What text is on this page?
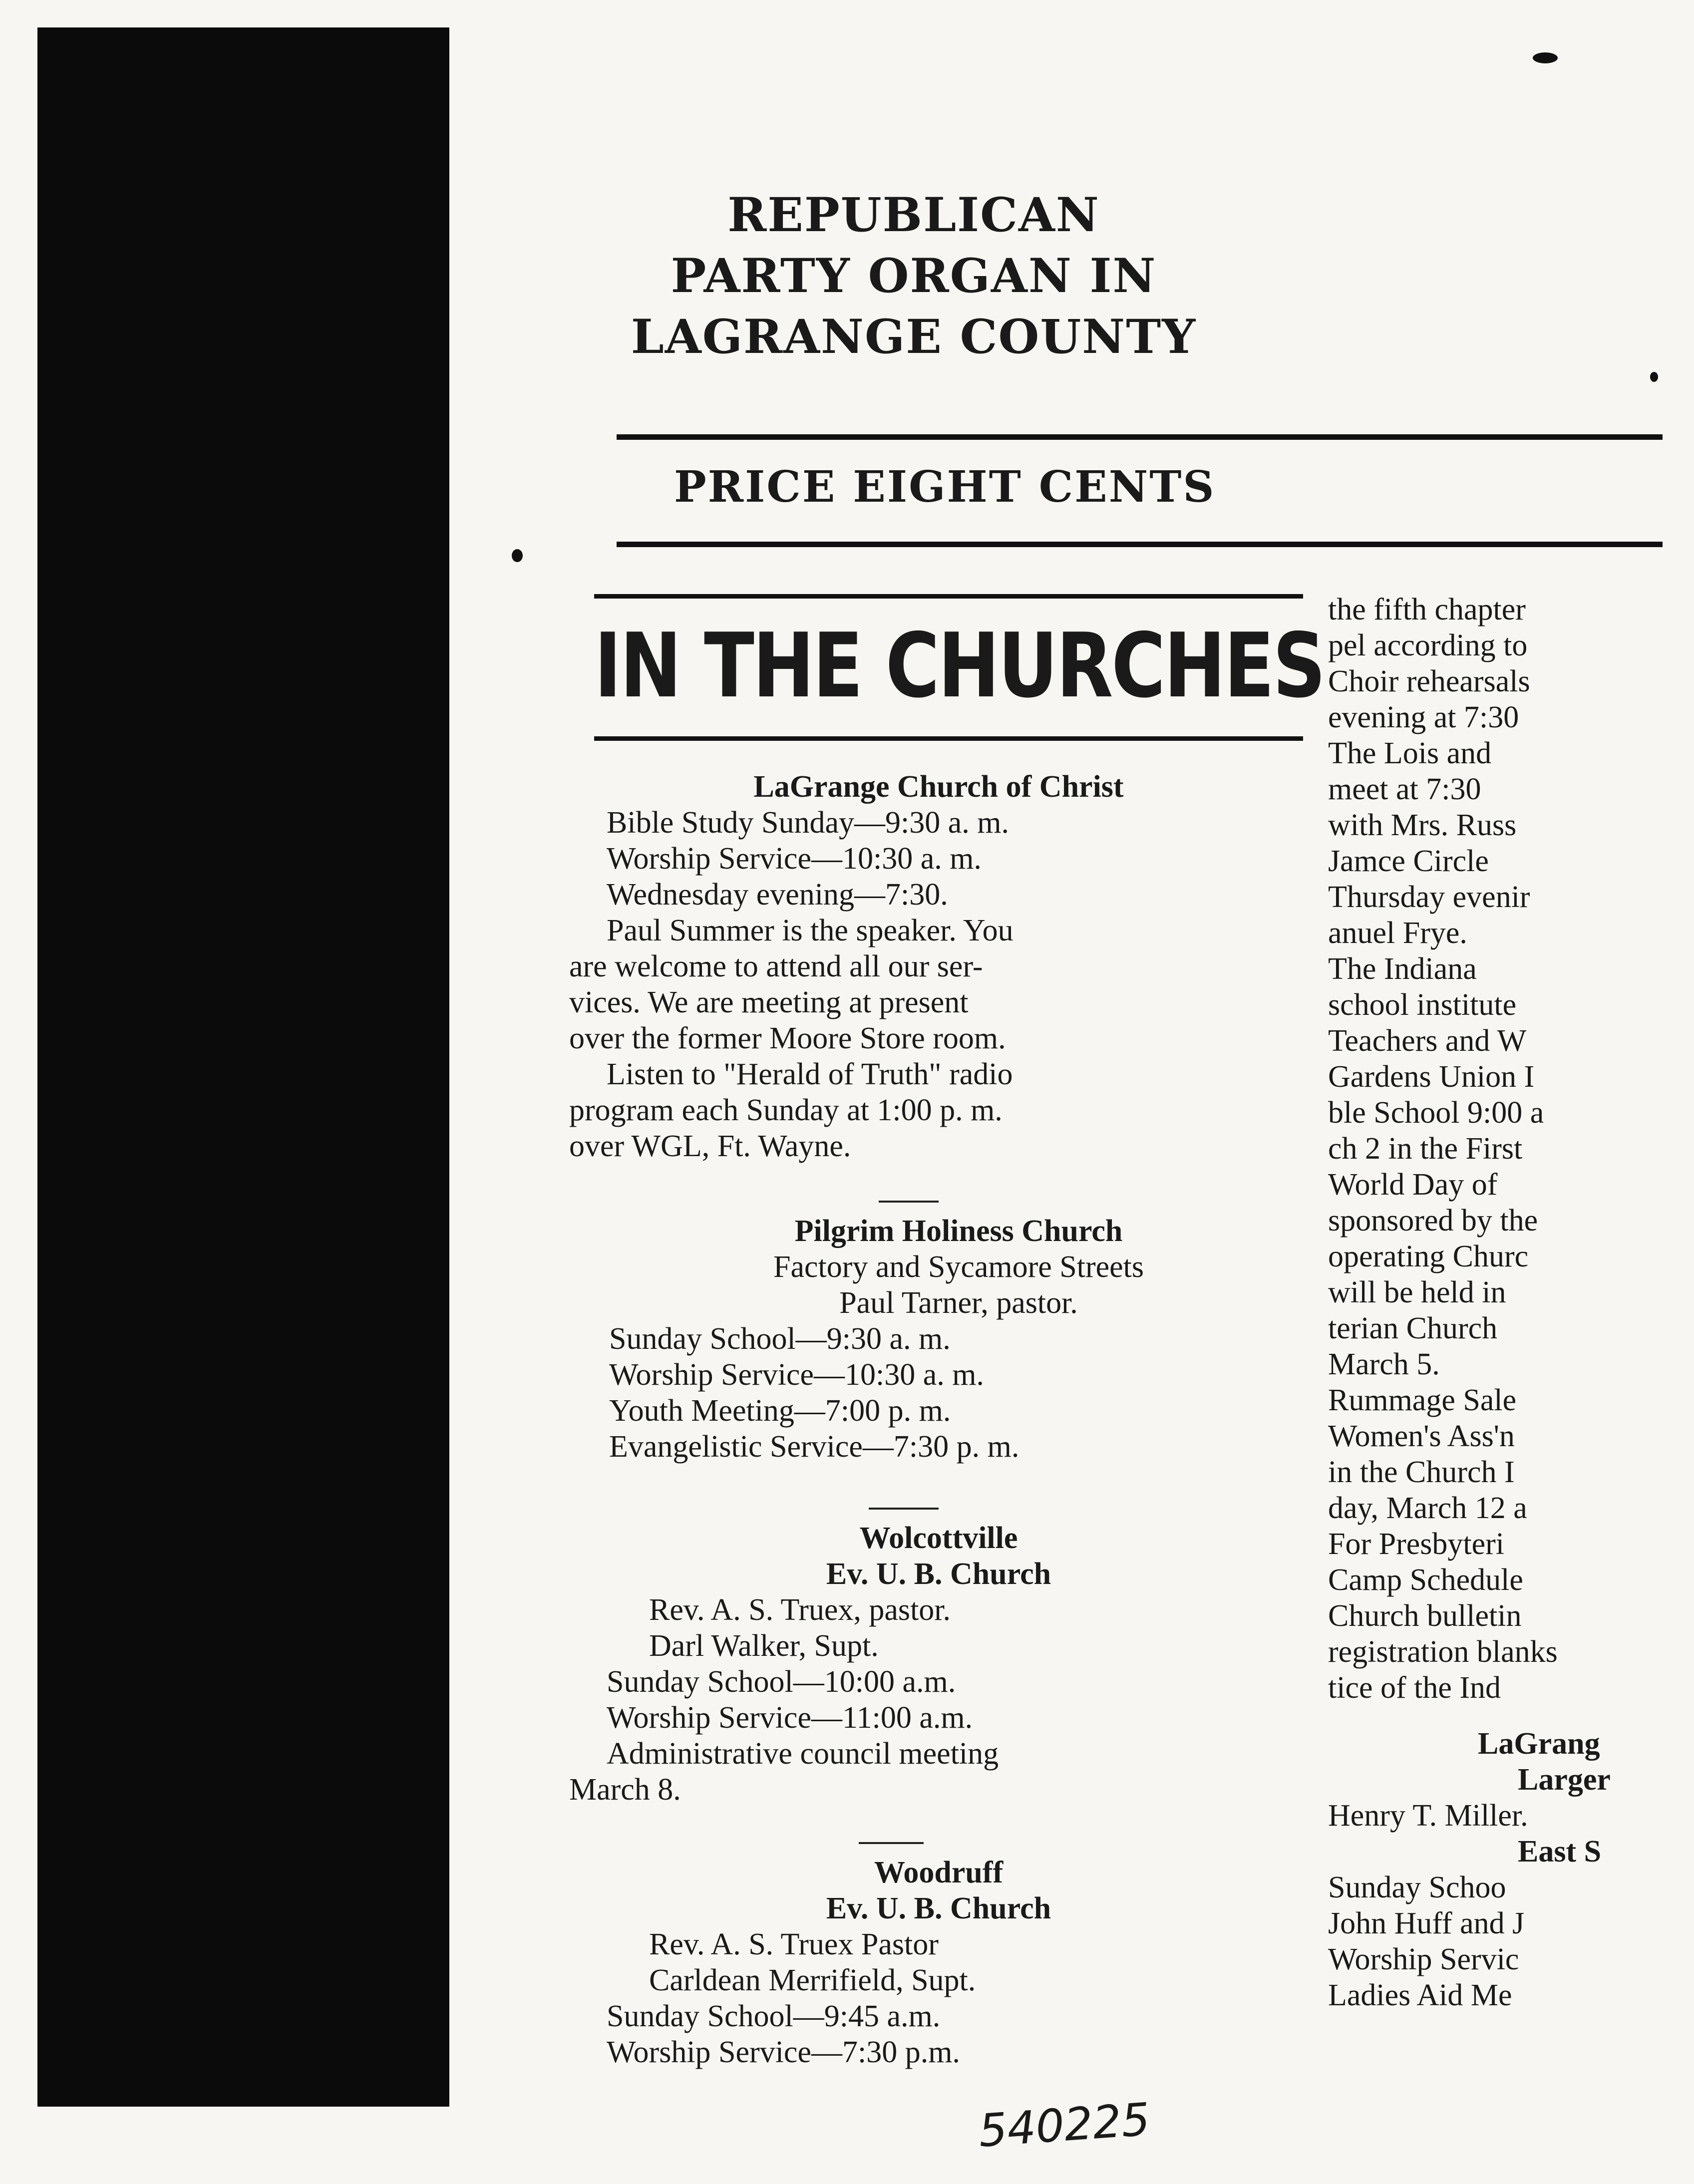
REPUBLICAN
PARTY ORGAN IN
LAGRANGE COUNTY
PRICE EIGHT CENTS
IN THE CHURCHES

LaGrange Church of Christ

Bible Study Sunday—9:30 a. m.

Worship Service—10:30 a. m.

Wednesday evening—7:30.

Paul Summer is the speaker. You

are welcome to attend all our ser-

vices. We are meeting at present

over the former Moore Store room.

Listen to "Herald of Truth" radio

program each Sunday at 1:00 p. m.

over WGL, Ft. Wayne.

Pilgrim Holiness Church

Factory and Sycamore Streets

Paul Tarner, pastor.

Sunday School—9:30 a. m.

Worship Service—10:30 a. m.

Youth Meeting—7:00 p. m.

Evangelistic Service—7:30 p. m.

Wolcottville

Ev. U. B. Church

Rev. A. S. Truex, pastor.

Darl Walker, Supt.

Sunday School—10:00 a.m.

Worship Service—11:00 a.m.

Administrative council meeting

March 8.

Woodruff

Ev. U. B. Church

Rev. A. S. Truex Pastor

Carldean Merrifield, Supt.

Sunday School—9:45 a.m.

Worship Service—7:30 p.m.

the fifth chapter

pel according to

Choir rehearsals

evening at 7:30

The Lois and

meet at 7:30

with Mrs. Russ

Jamce Circle

Thursday evenir

anuel Frye.

The Indiana

school institute

Teachers and W

Gardens Union I

ble School 9:00 a

ch 2 in the First

World Day of

sponsored by the

operating Churc

will be held in

terian Church

March 5.

Rummage Sale

Women's Ass'n

in the Church I

day, March 12 a

For Presbyteri

Camp Schedule

Church bulletin

registration blanks

tice of the Ind

LaGrang

Larger

Henry T. Miller.

East S

Sunday Schoo

John Huff and J

Worship Servic

Ladies Aid Me

540225
